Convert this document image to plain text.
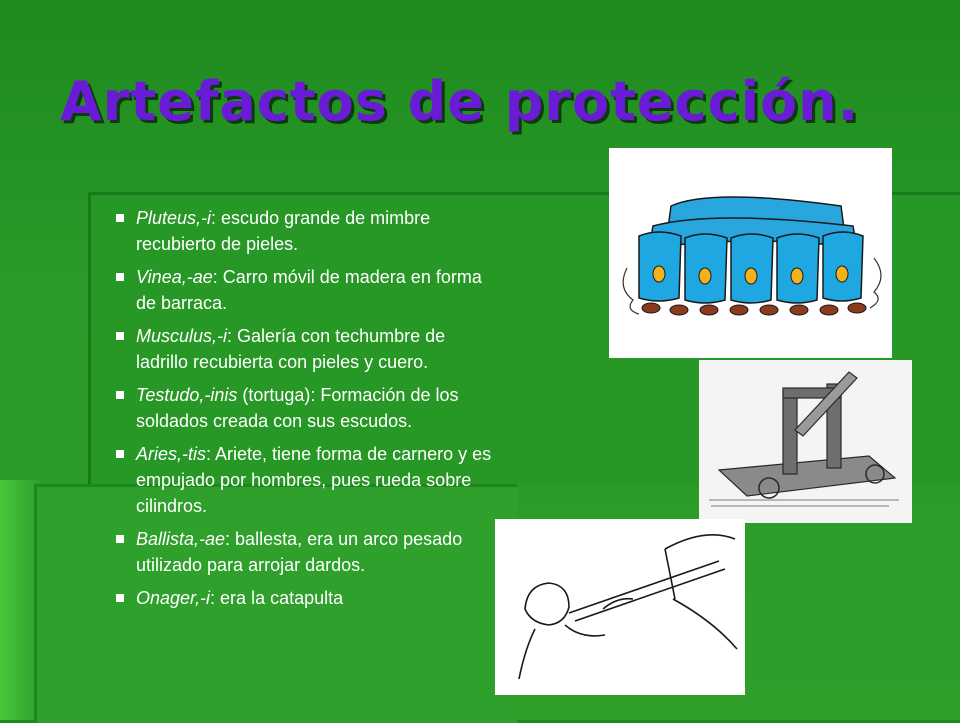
Artefactos de protección.
Pluteus,-i: escudo grande de mimbre recubierto de pieles.
Vinea,-ae: Carro móvil de madera en forma de barraca.
Musculus,-i: Galería con techumbre de ladrillo recubierta con pieles y cuero.
Testudo,-inis (tortuga): Formación de los soldados creada con sus escudos.
Aries,-tis: Ariete, tiene forma de carnero y es empujado por hombres, pues rueda sobre cilindros.
Ballista,-ae: ballesta, era un arco pesado utilizado para arrojar dardos.
Onager,-i: era la catapulta
